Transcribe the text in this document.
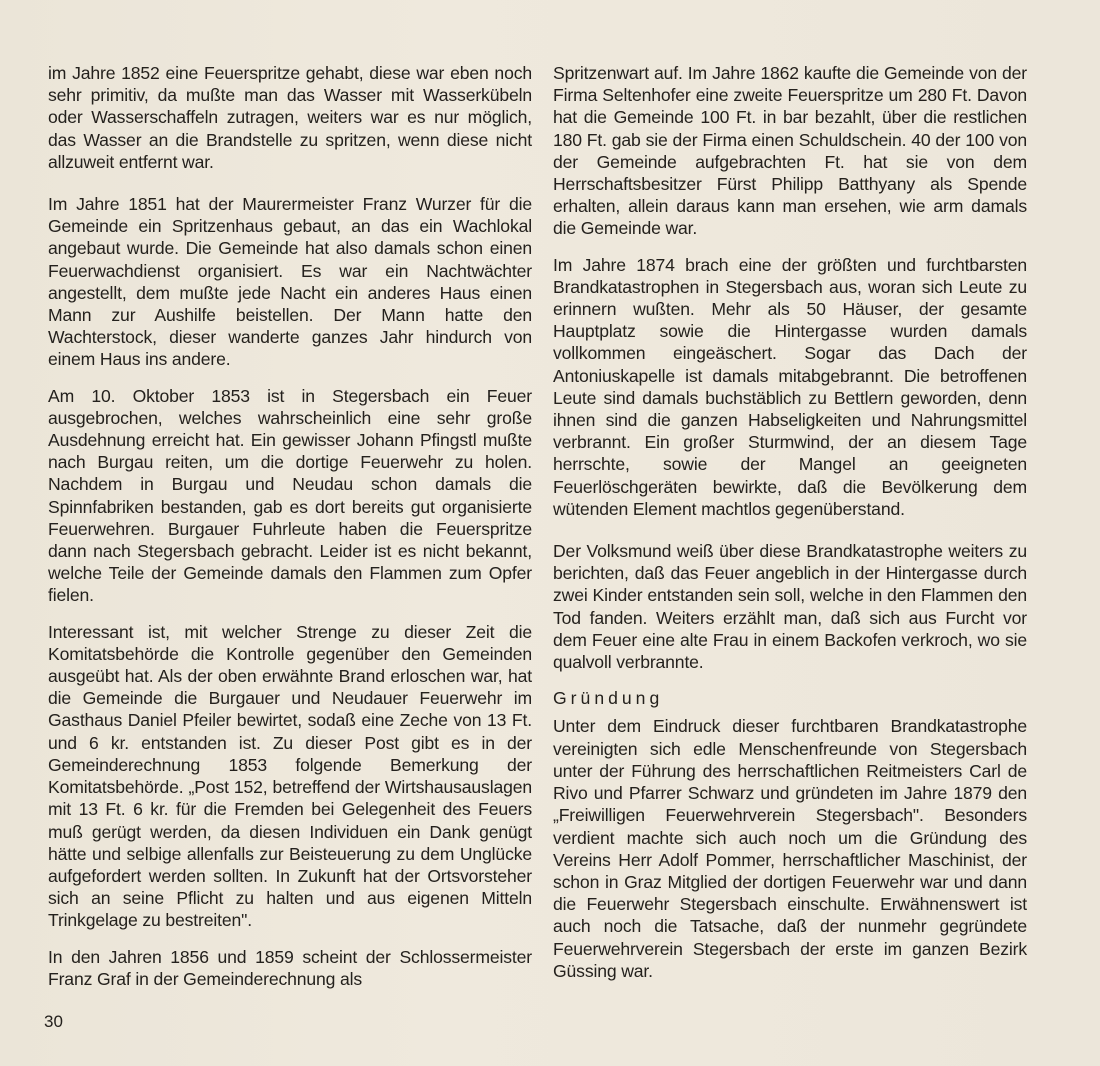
im Jahre 1852 eine Feuerspritze gehabt, diese war eben noch sehr primitiv, da mußte man das Wasser mit Wasserkübeln oder Wasserschaffeln zutragen, weiters war es nur möglich, das Wasser an die Brandstelle zu spritzen, wenn diese nicht allzuweit entfernt war.

Im Jahre 1851 hat der Maurermeister Franz Wurzer für die Gemeinde ein Spritzenhaus gebaut, an das ein Wachlokal angebaut wurde. Die Gemeinde hat also damals schon einen Feuerwachdienst organisiert. Es war ein Nachtwächter angestellt, dem mußte jede Nacht ein anderes Haus einen Mann zur Aushilfe beistellen. Der Mann hatte den Wachterstock, dieser wanderte ganzes Jahr hindurch von einem Haus ins andere.

Am 10. Oktober 1853 ist in Stegersbach ein Feuer ausgebrochen, welches wahrscheinlich eine sehr große Ausdehnung erreicht hat. Ein gewisser Johann Pfingstl mußte nach Burgau reiten, um die dortige Feuerwehr zu holen. Nachdem in Burgau und Neudau schon damals die Spinnfabriken bestanden, gab es dort bereits gut organisierte Feuerwehren. Burgauer Fuhrleute haben die Feuerspritze dann nach Stegersbach gebracht. Leider ist es nicht bekannt, welche Teile der Gemeinde damals den Flammen zum Opfer fielen.

Interessant ist, mit welcher Strenge zu dieser Zeit die Komitatsbehörde die Kontrolle gegenüber den Gemeinden ausgeübt hat. Als der oben erwähnte Brand erloschen war, hat die Gemeinde die Burgauer und Neudauer Feuerwehr im Gasthaus Daniel Pfeiler bewirtet, sodaß eine Zeche von 13 Ft. und 6 kr. entstanden ist. Zu dieser Post gibt es in der Gemeinderechnung 1853 folgende Bemerkung der Komitatsbehörde. „Post 152, betreffend der Wirtshausauslagen mit 13 Ft. 6 kr. für die Fremden bei Gelegenheit des Feuers muß gerügt werden, da diesen Individuen ein Dank genügt hätte und selbige allenfalls zur Beisteuerung zu dem Unglücke aufgefordert werden sollten. In Zukunft hat der Ortsvorsteher sich an seine Pflicht zu halten und aus eigenen Mitteln Trinkgelage zu bestreiten".

In den Jahren 1856 und 1859 scheint der Schlossermeister Franz Graf in der Gemeinderechnung als

Spritzenwart auf. Im Jahre 1862 kaufte die Gemeinde von der Firma Seltenhofer eine zweite Feuerspritze um 280 Ft. Davon hat die Gemeinde 100 Ft. in bar bezahlt, über die restlichen 180 Ft. gab sie der Firma einen Schuldschein. 40 der 100 von der Gemeinde aufgebrachten Ft. hat sie von dem Herrschaftsbesitzer Fürst Philipp Batthyany als Spende erhalten, allein daraus kann man ersehen, wie arm damals die Gemeinde war.

Im Jahre 1874 brach eine der größten und furchtbarsten Brandkatastrophen in Stegersbach aus, woran sich Leute zu erinnern wußten. Mehr als 50 Häuser, der gesamte Hauptplatz sowie die Hintergasse wurden damals vollkommen eingeäschert. Sogar das Dach der Antoniuskapelle ist damals mitabgebrannt. Die betroffenen Leute sind damals buchstäblich zu Bettlern geworden, denn ihnen sind die ganzen Habseligkeiten und Nahrungsmittel verbrannt. Ein großer Sturmwind, der an diesem Tage herrschte, sowie der Mangel an geeigneten Feuerlöschgeräten bewirkte, daß die Bevölkerung dem wütenden Element machtlos gegenüberstand.

Der Volksmund weiß über diese Brandkatastrophe weiters zu berichten, daß das Feuer angeblich in der Hintergasse durch zwei Kinder entstanden sein soll, welche in den Flammen den Tod fanden. Weiters erzählt man, daß sich aus Furcht vor dem Feuer eine alte Frau in einem Backofen verkroch, wo sie qualvoll verbrannte.

Gründung

Unter dem Eindruck dieser furchtbaren Brandkatastrophe vereinigten sich edle Menschenfreunde von Stegersbach unter der Führung des herrschaftlichen Reitmeisters Carl de Rivo und Pfarrer Schwarz und gründeten im Jahre 1879 den „Freiwilligen Feuerwehrverein Stegersbach". Besonders verdient machte sich auch noch um die Gründung des Vereins Herr Adolf Pommer, herrschaftlicher Maschinist, der schon in Graz Mitglied der dortigen Feuerwehr war und dann die Feuerwehr Stegersbach einschulte. Erwähnenswert ist auch noch die Tatsache, daß der nunmehr gegründete Feuerwehrverein Stegersbach der erste im ganzen Bezirk Güssing war.

30
